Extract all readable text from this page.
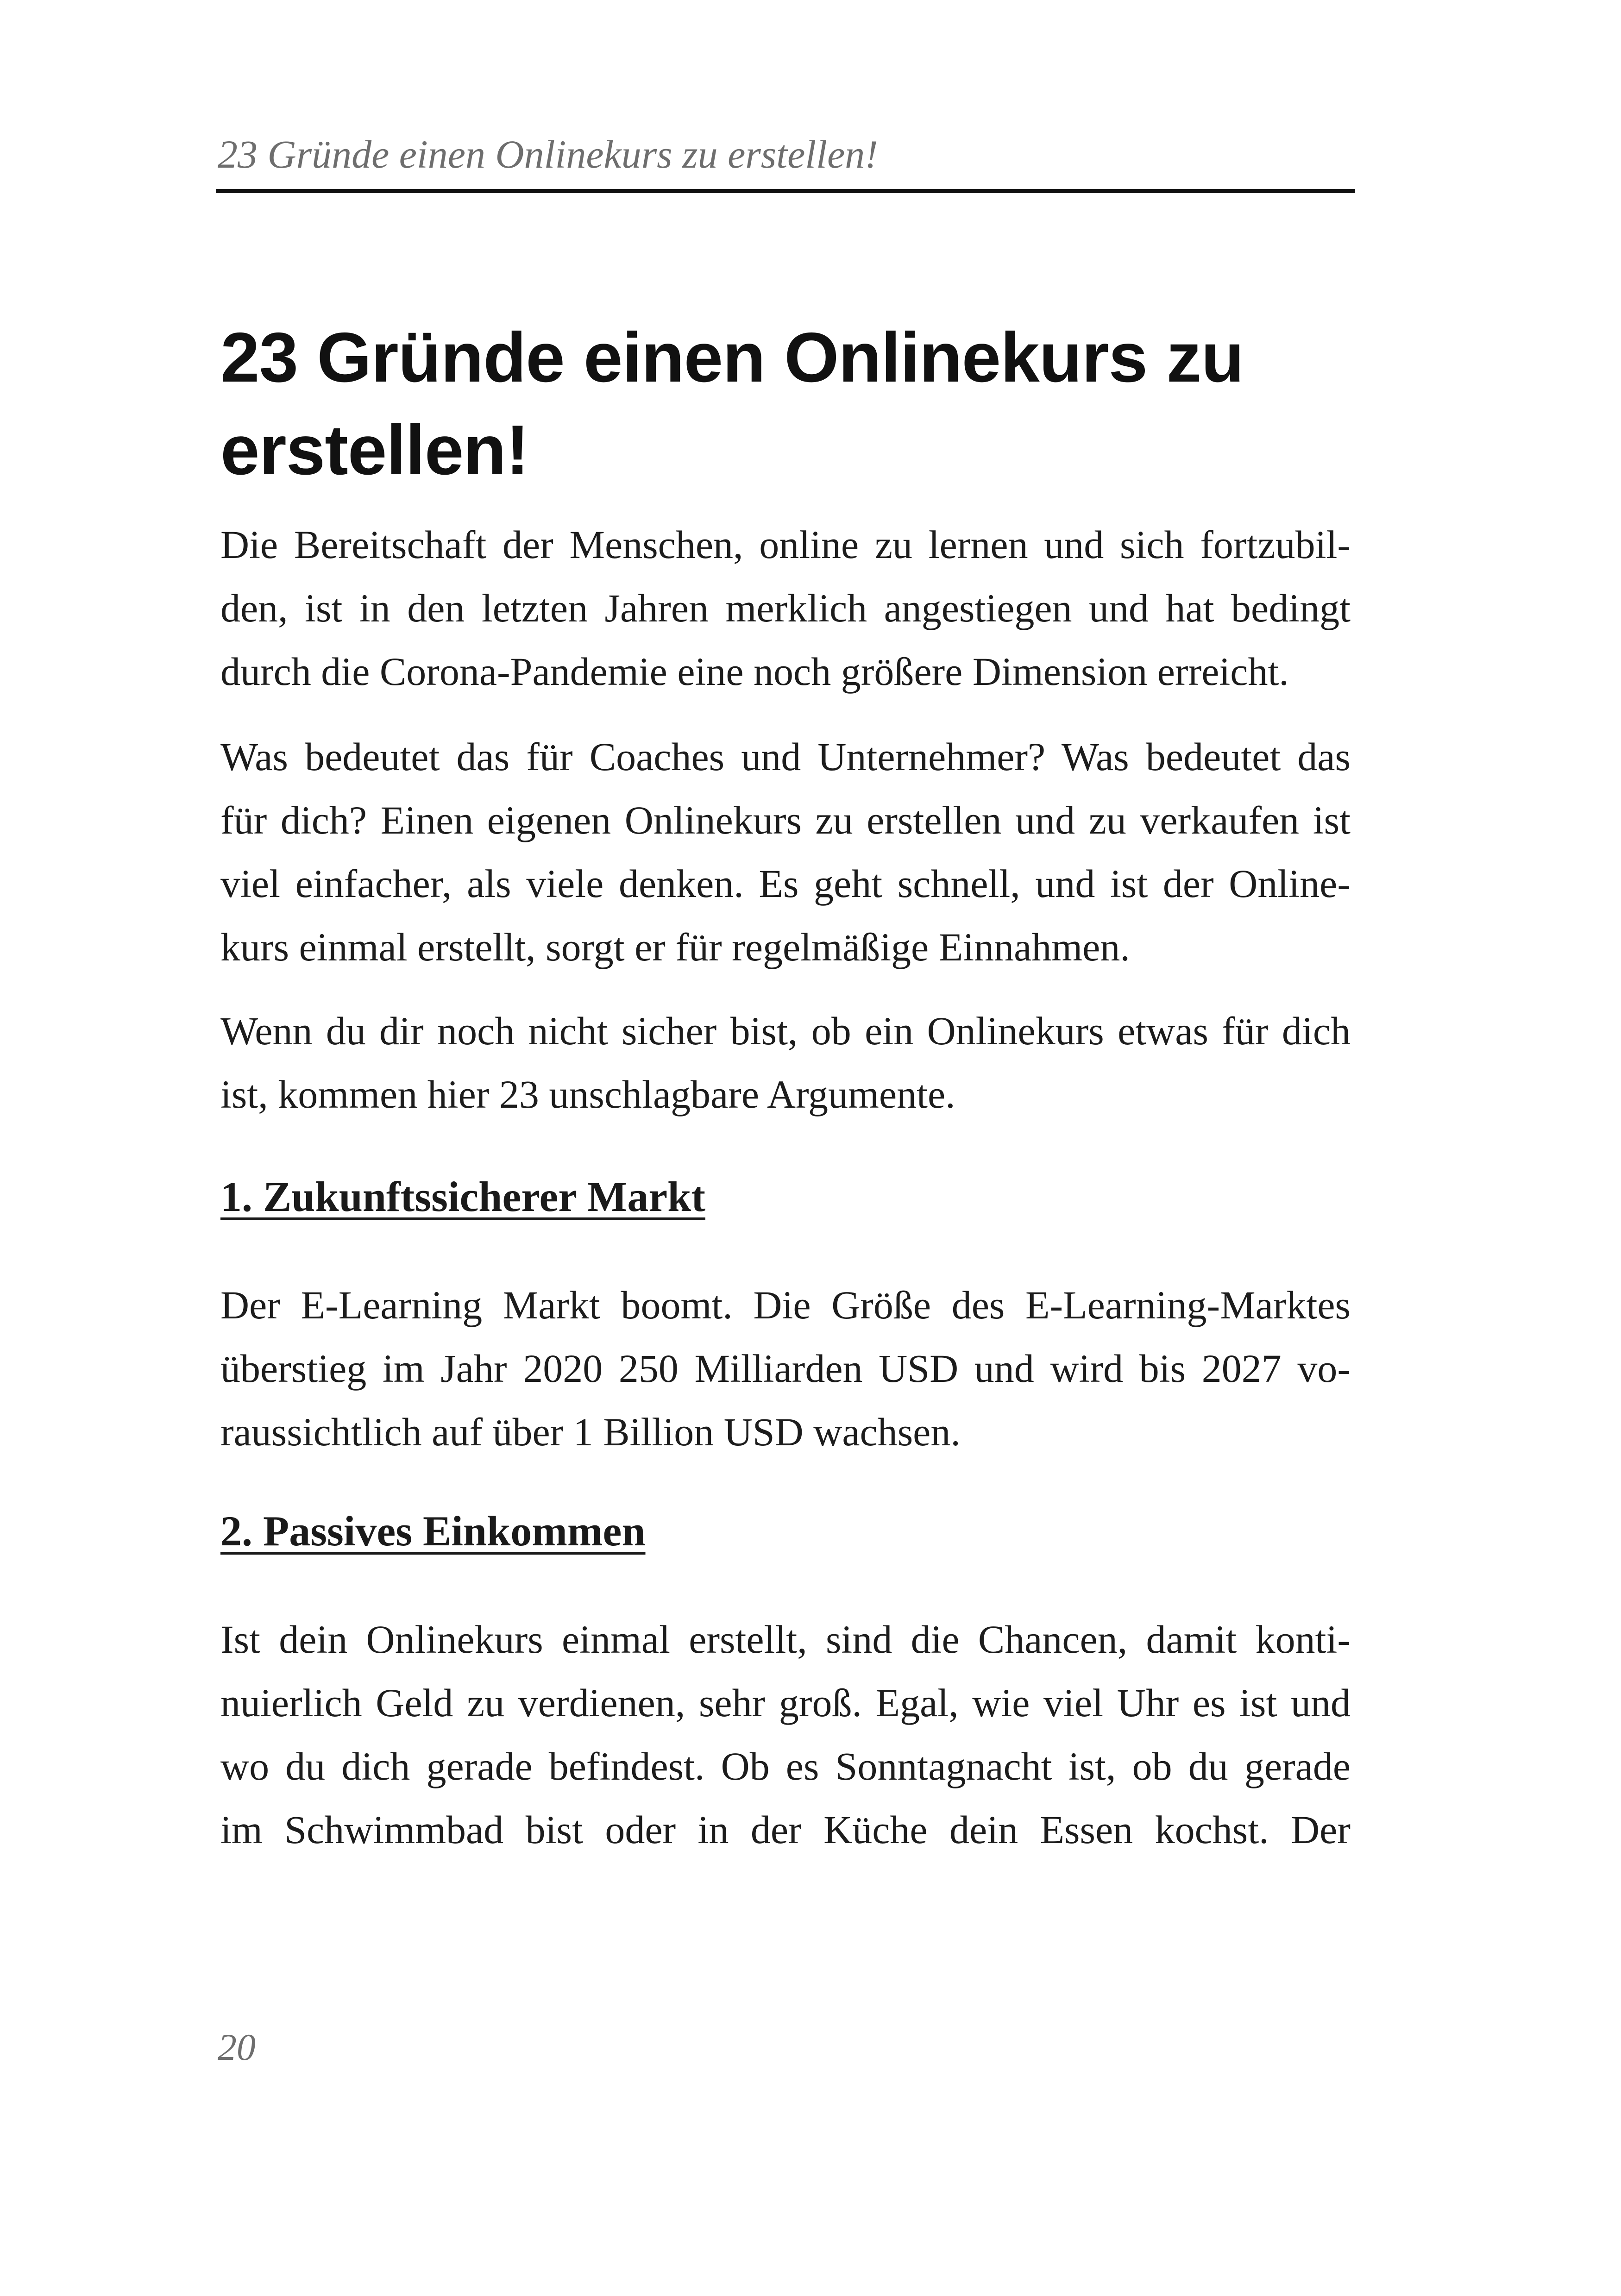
23 Gründe einen Onlinekurs zu erstellen!
23 Gründe einen Onlinekurs zu
erstellen!
Die Bereitschaft der Menschen, online zu lernen und sich fortzubil-
den, ist in den letzten Jahren merklich angestiegen und hat bedingt
durch die Corona-Pandemie eine noch größere Dimension erreicht.
Was bedeutet das für Coaches und Unternehmer? Was bedeutet das
für dich? Einen eigenen Onlinekurs zu erstellen und zu verkaufen ist
viel einfacher, als viele denken. Es geht schnell, und ist der Online-
kurs einmal erstellt, sorgt er für regelmäßige Einnahmen.
Wenn du dir noch nicht sicher bist, ob ein Onlinekurs etwas für dich
ist, kommen hier 23 unschlagbare Argumente.
1. Zukunftssicherer Markt
Der E-Learning Markt boomt. Die Größe des E-Learning-Marktes
überstieg im Jahr 2020 250 Milliarden USD und wird bis 2027 vo-
raussichtlich auf über 1 Billion USD wachsen.
2. Passives Einkommen
Ist dein Onlinekurs einmal erstellt, sind die Chancen, damit konti-
nuierlich Geld zu verdienen, sehr groß. Egal, wie viel Uhr es ist und
wo du dich gerade befindest. Ob es Sonntagnacht ist, ob du gerade
im Schwimmbad bist oder in der Küche dein Essen kochst. Der
20
